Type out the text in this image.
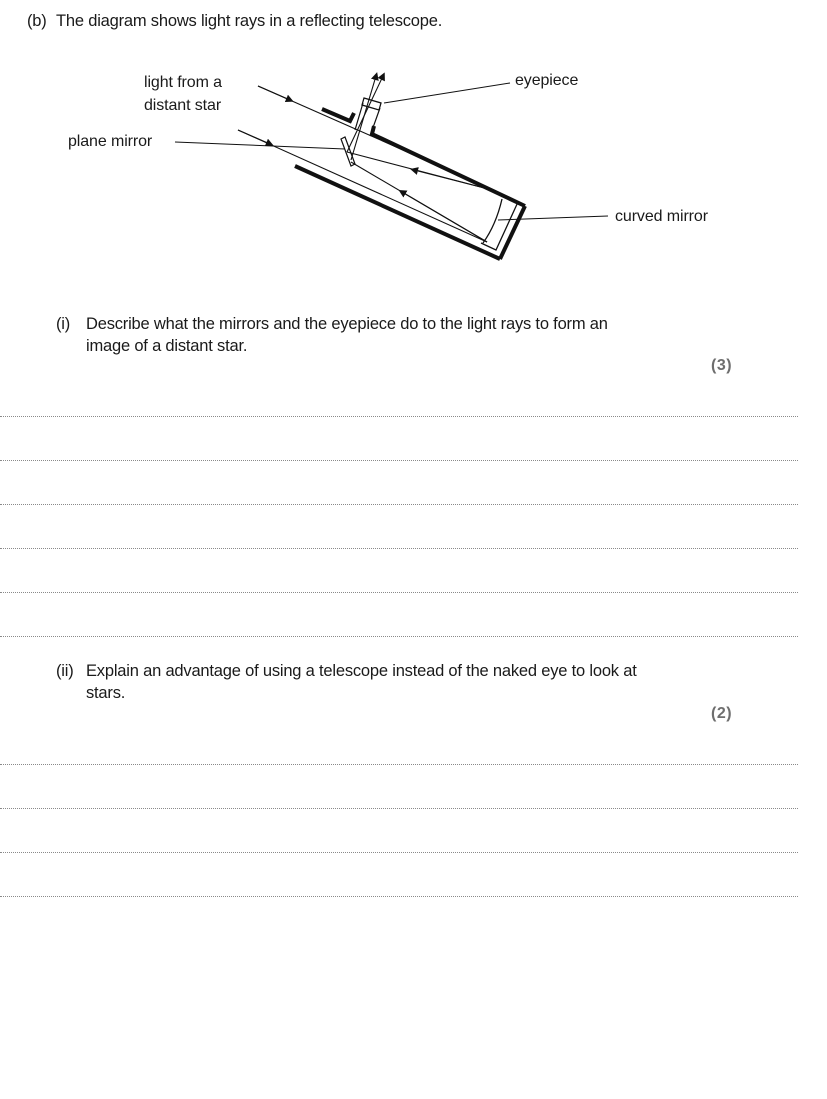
(b) The diagram shows light rays in a reflecting telescope.
light from a
distant star
plane mirror
eyepiece
curved mirror
(i) Describe what the mirrors and the eyepiece do to the light rays to form an
image of a distant star.
(3)
(ii) Explain an advantage of using a telescope instead of the naked eye to look at
stars.
(2)
